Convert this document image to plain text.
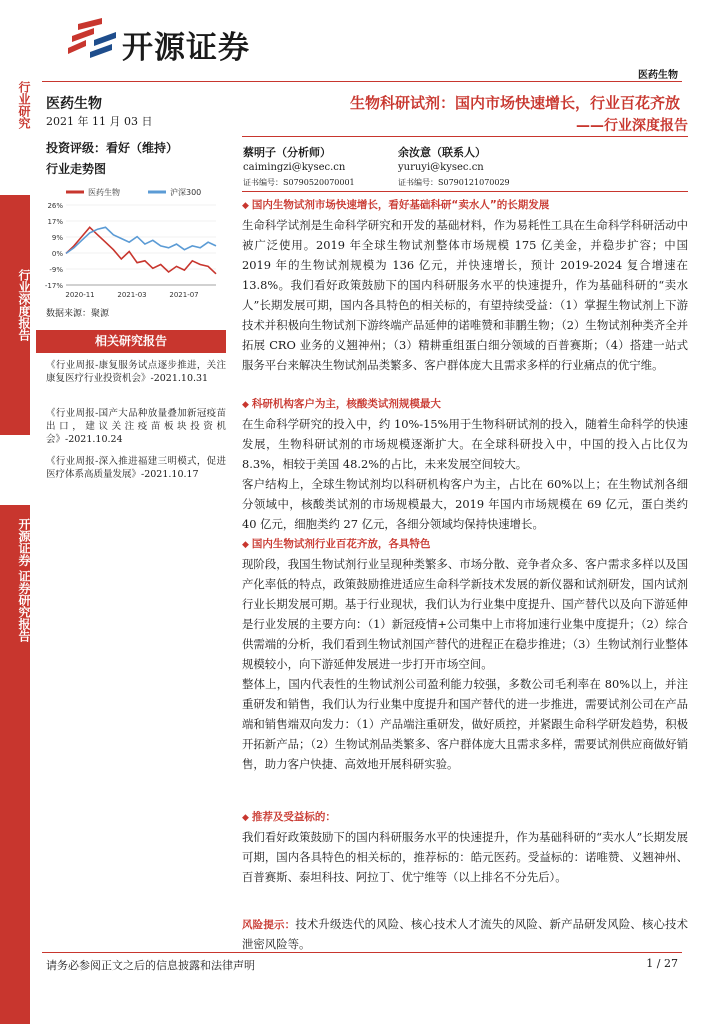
行业研究
行业深度报告
开源证券 证券研究报告
开源证券
医药生物
医药生物
2021 年 11 月 03 日
投资评级：看好（维持）
行业走势图
医药生物	沪深300
26%
17%
9%
0%
-9%
-17%
2020-11	2021-03	2021-07
数据来源：聚源
相关研究报告
《行业周报-康复服务试点逐步推进，关注康复医疗行业投资机会》-2021.10.31
《行业周报-国产大品种放量叠加新冠疫苗出口，建议关注疫苗板块投资机会》-2021.10.24
《行业周报-深入推进福建三明模式，促进医疗体系高质量发展》-2021.10.17
生物科研试剂：国内市场快速增长，行业百花齐放
——行业深度报告
蔡明子（分析师）
caimingzi@kysec.cn
证书编号：S0790520070001
余汝意（联系人）
yuruyi@kysec.cn
证书编号：S0790121070029
◆ 国内生物试剂市场快速增长，看好基础科研“卖水人”的长期发展
生命科学试剂是生命科学研究和开发的基础材料，作为易耗性工具在生命科学科研活动中被广泛使用。2019 年全球生物试剂整体市场规模 175 亿美金，并稳步扩容；中国 2019 年的生物试剂规模为 136 亿元，并快速增长，预计 2019-2024 复合增速在 13.8%。我们看好政策鼓励下的国内科研服务水平的快速提升，作为基础科研的“卖水人”长期发展可期，国内各具特色的相关标的，有望持续受益：（1）掌握生物试剂上下游技术并积极向生物试剂下游终端产品延伸的诺唯赞和菲鹏生物；（2）生物试剂种类齐全并拓展 CRO 业务的义翘神州；（3）精耕重组蛋白细分领域的百普赛斯；（4）搭建一站式服务平台来解决生物试剂品类繁多、客户群体庞大且需求多样的行业痛点的优宁维。
◆ 科研机构客户为主，核酸类试剂规模最大
在生命科学研究的投入中，约 10%-15%用于生物科研试剂的投入，随着生命科学的快速发展，生物科研试剂的市场规模逐渐扩大。在全球科研投入中，中国的投入占比仅为 8.3%，相较于美国 48.2%的占比，未来发展空间较大。
客户结构上，全球生物试剂均以科研机构客户为主，占比在 60%以上；在生物试剂各细分领域中，核酸类试剂的市场规模最大，2019 年国内市场规模在 69 亿元，蛋白类约 40 亿元，细胞类约 27 亿元，各细分领域均保持快速增长。
◆ 国内生物试剂行业百花齐放，各具特色
现阶段，我国生物试剂行业呈现种类繁多、市场分散、竞争者众多、客户需求多样以及国产化率低的特点，政策鼓励推进适应生命科学新技术发展的新仪器和试剂研发，国内试剂行业长期发展可期。基于行业现状，我们认为行业集中度提升、国产替代以及向下游延伸是行业发展的主要方向：（1）新冠疫情+公司集中上市将加速行业集中度提升；（2）综合供需端的分析，我们看到生物试剂国产替代的进程正在稳步推进；（3）生物试剂行业整体规模较小，向下游延伸发展进一步打开市场空间。
整体上，国内代表性的生物试剂公司盈利能力较强，多数公司毛利率在 80%以上，并注重研发和销售，我们认为行业集中度提升和国产替代的进一步推进，需要试剂公司在产品端和销售端双向发力：（1）产品端注重研发，做好质控，并紧跟生命科学研发趋势，积极开拓新产品；（2）生物试剂品类繁多、客户群体庞大且需求多样，需要试剂供应商做好销售，助力客户快捷、高效地开展科研实验。
◆ 推荐及受益标的：
我们看好政策鼓励下的国内科研服务水平的快速提升，作为基础科研的“卖水人”长期发展可期，国内各具特色的相关标的，推荐标的：皓元医药。受益标的：诺唯赞、义翘神州、百普赛斯、泰坦科技、阿拉丁、优宁维等（以上排名不分先后）。
风险提示：技术升级迭代的风险、核心技术人才流失的风险、新产品研发风险、核心技术泄密风险等。
请务必参阅正文之后的信息披露和法律声明	1 / 27
